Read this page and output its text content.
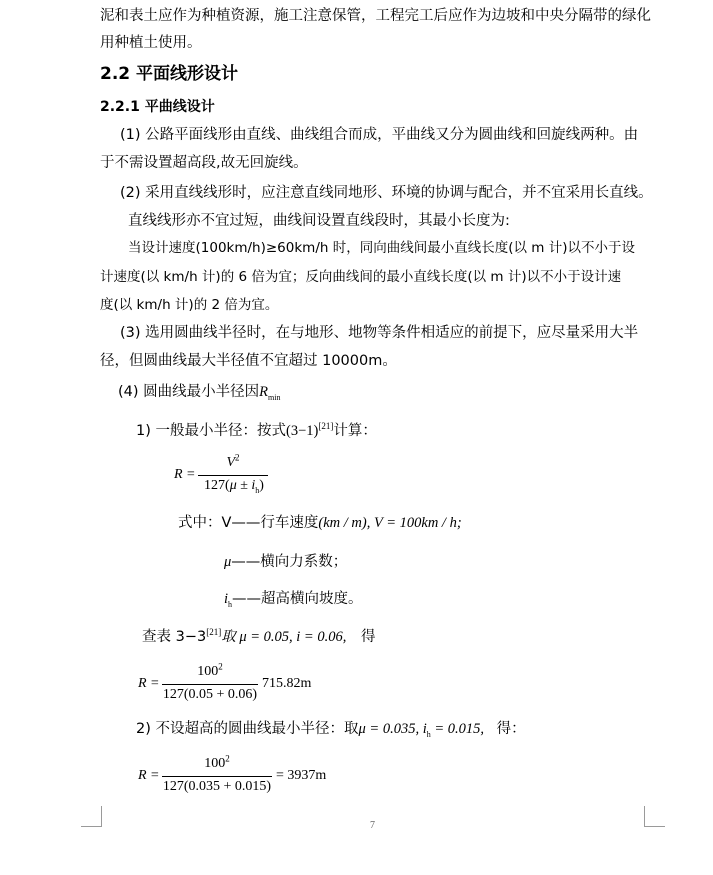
泥和表土应作为种植资源，施工注意保管，工程完工后应作为边坡和中央分隔带的绿化
用种植土使用。
2.2 平面线形设计
2.2.1 平曲线设计
(1) 公路平面线形由直线、曲线组合而成，平曲线又分为圆曲线和回旋线两种。由
于不需设置超高段,故无回旋线。
(2) 采用直线线形时，应注意直线同地形、环境的协调与配合，并不宜采用长直线。
直线线形亦不宜过短，曲线间设置直线段时，其最小长度为:
当设计速度(100km/h)≥60km/h 时，同向曲线间最小直线长度(以 m 计)以不小于设
计速度(以 km/h 计)的 6 倍为宜；反向曲线间的最小直线长度(以 m 计)以不小于设计速
度(以 km/h 计)的 2 倍为宜。
(3) 选用圆曲线半径时，在与地形、地物等条件相适应的前提下，应尽量采用大半
径，但圆曲线最大半径值不宜超过 10000m。
(4) 圆曲线最小半径因$R_{min}$
1) 一般最小半径：按式(3−1)[21]计算：
R =
$V^2$
$127(\mu \pm i_h)$
式中：V——行车速度(km / m), V = 100km / h;
μ——横向力系数；
$i_h——$超高横向坡度。
查表 3−3[21]取 μ = 0.05, i = 0.06, 得
R =
$100^2$
127(0.05 + 0.06)
715.82m
2) 不设超高的圆曲线最小半径：取μ = 0.035, $i_h = 0.015$, 得：
R =
$100^2$
127(0.035 + 0.015)
= 3937m
7
